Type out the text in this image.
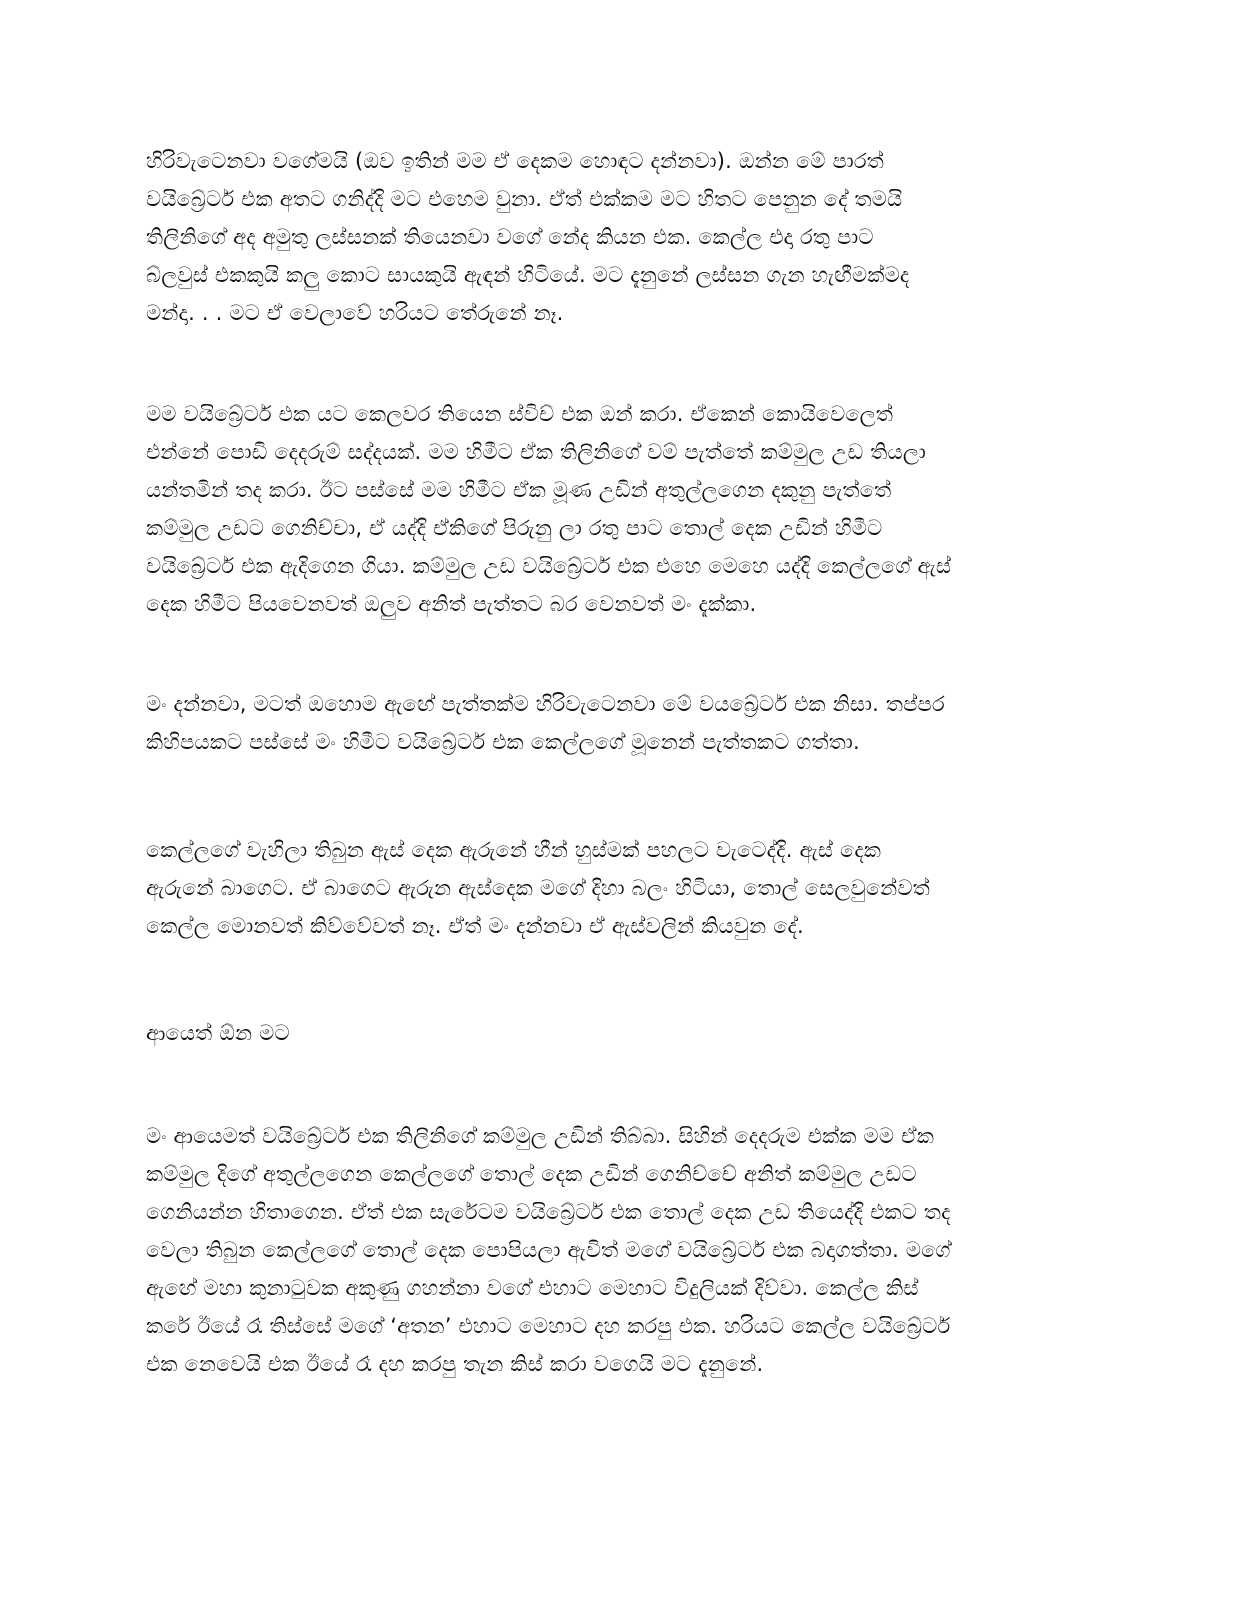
හිරිවැටෙනවා වගේමයි (ඔව ඉතින් මම ඒ දෙකම හොඳට දන්නවා). ඔන්න මේ පාරත්
වයිබ්‍රේටර් එක අතට ගනිද්දි මට එහෙම වුනා. ඒත් එක්කම මට හිතට පෙනුන දේ තමයි
තිලිනිගේ අද අමුතු ලස්සනක් තියෙනවා වගේ නේද කියන එක. කෙල්ල එදා රතු පාට
බ්ලවුස් එකකුයි කලු කොට සායකුයි ඇඳන් හිටියේ. මට දැනුනේ ලස්සන ගැන හැඟීමක්මද
මන්දා. . . මට ඒ වෙලාවේ හරියට තේරුනේ නෑ.
මම වයිබ්‍රේටර් එක යට කෙලවර තියෙන ස්විච් එක ඔන් කරා. ඒකෙන් කොයිවෙලෙත්
එන්නේ පොඩි දෙදරුම් සද්දයක්. මම හිමීට ඒක තිලිනිගේ වම් පැත්තේ කම්මුල උඩ තියලා
යන්තමින් තද කරා. ඊට පස්සේ මම හිමීට ඒක මූණ උඩින් අතුල්ලගෙන දකුනු පැත්තේ
කම්මුල උඩට ගෙනිච්චා, ඒ යද්දි ඒකිගේ පිරුනු ලා රතු පාට තොල් දෙක උඩින් හිමීට
වයිබ්‍රේටර් එක ඇදිගෙන ගියා. කම්මුල උඩ වයිබ්‍රේටර් එක එහෙ මෙහෙ යද්දි කෙල්ලගේ ඇස්
දෙක හිමීට පියවෙනවත් ඔලුව අනිත් පැත්තට බර වෙනවත් මං දැක්කා.
මං දන්නවා, මටත් ඔහොම ඇඟේ පැත්තක්ම හිරිවැටෙනවා මේ වයබ්‍රේටර් එක නිසා. තප්පර
කිහිපයකට පස්සේ මං හිමීට වයිබ්‍රේටර් එක කෙල්ලගේ මූනෙන් පැත්තකට ගත්තා.
කෙල්ලගේ වැහිලා තිබුන ඇස් දෙක ඇරුනේ හීන් හුස්මක් පහලට වැටෙද්දි. ඇස් දෙක
ඇරුනේ බාගෙට. ඒ බාගෙට ඇරුන ඇස්දෙක මගේ දිහා බලං හිටියා, තොල් සෙලවුනේවත්
කෙල්ල මොනවත් කිව්වේවත් නෑ. ඒත් මං දන්නවා ඒ ඇස්වලින් කියවුන දේ.
ආයෙත් ඕන මට
මං ආයෙමත් වයිබ්‍රේටර් එක තිලිනිගේ කම්මුල උඩින් තිබ්බා. සිහින් දෙදරුම එක්ක මම ඒක
කම්මුල දිගේ අතුල්ලගෙන කෙල්ලගේ තොල් දෙක උඩින් ගෙනිච්චේ අනිත් කම්මුල උඩට
ගෙනියන්න හිතාගෙන. ඒත් එක සැරේටම වයිබ්‍රේටර් එක තොල් දෙක උඩ තියෙද්දි එකට තද
වෙලා තිබුන කෙල්ලගේ තොල් දෙක පොපියලා ඇවිත් මගේ වයිබ්‍රේටර් එක බදාගත්තා. මගේ
ඇඟේ මහා කුනාටුවක අකුණු ගහන්නා වගේ එහාට මෙහාට විදුලියක් දිව්වා. කෙල්ල කිස්
කරේ ඊයේ රෑ තිස්සේ මගේ ‘අතන’ එහාට මෙහාට දහ කරපු එක. හරියට කෙල්ල වයිබ්‍රේටර්
එක නෙවෙයි එක ඊයේ රෑ දහ කරපු තැන කිස් කරා වගෙයි මට දැනුනේ.
